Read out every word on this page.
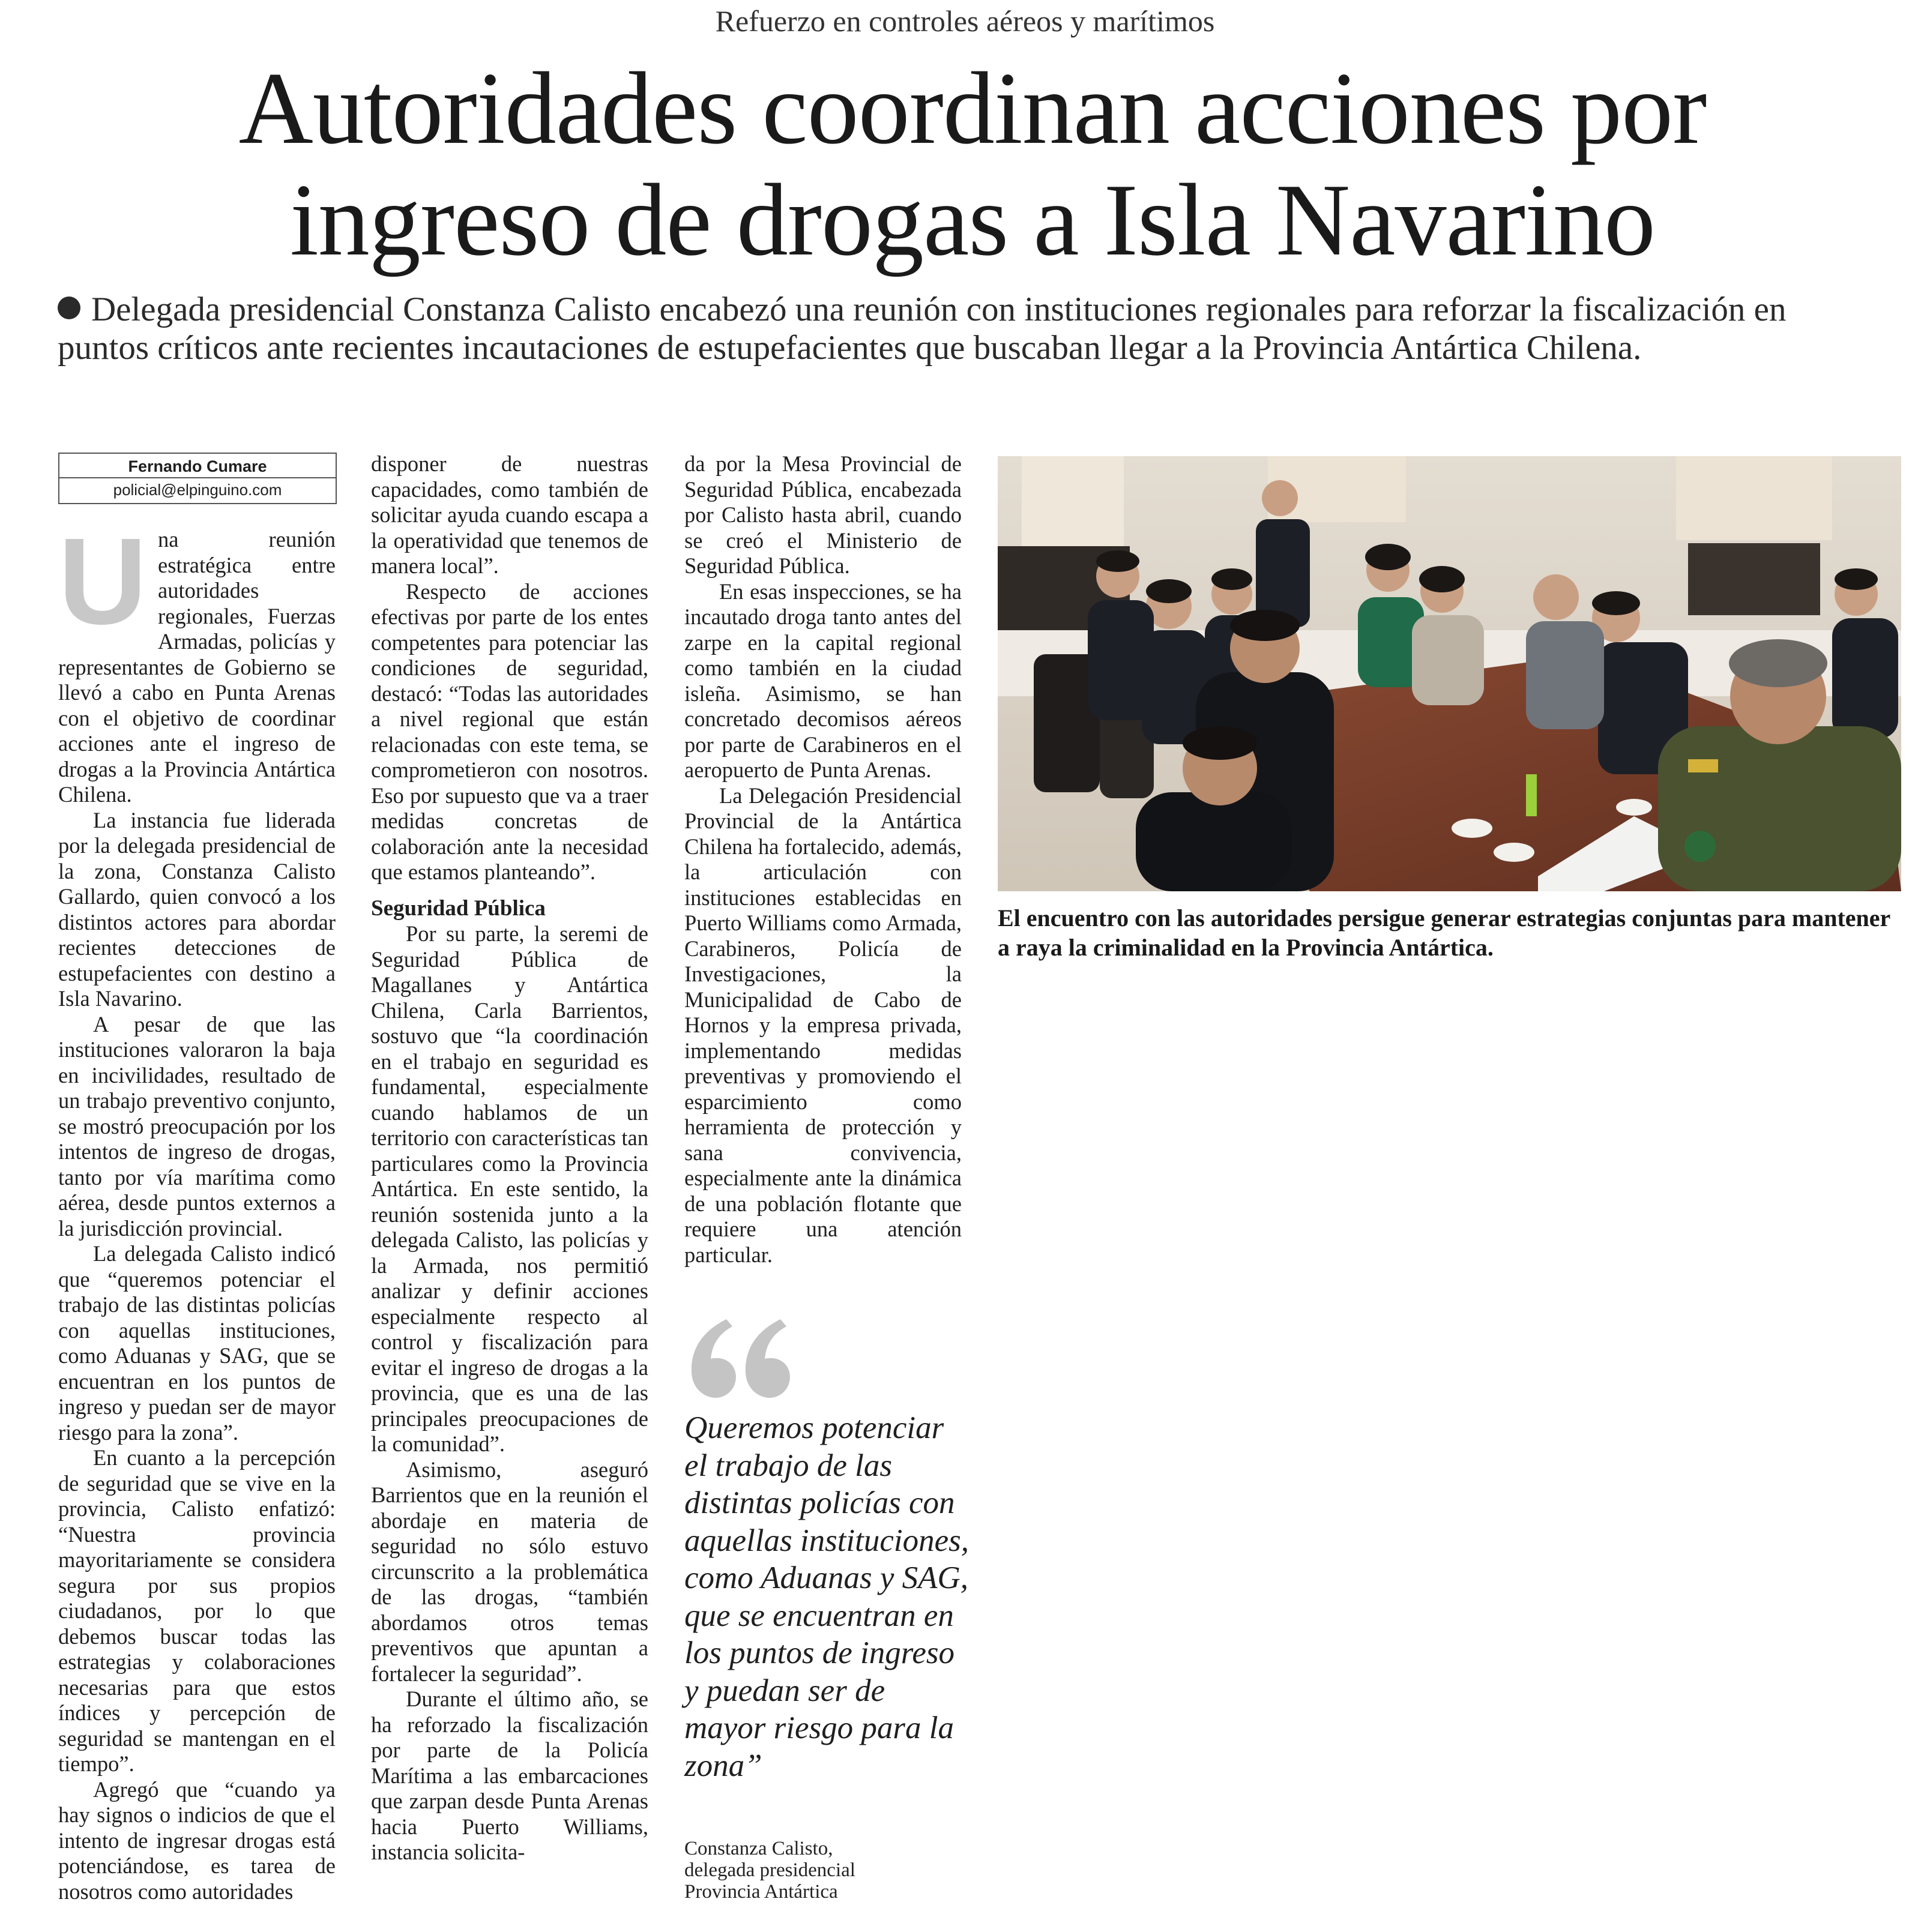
Refuerzo en controles aéreos y marítimos
Autoridades coordinan acciones por
ingreso de drogas a Isla Navarino
Delegada presidencial Constanza Calisto encabezó una reunión con instituciones regionales para reforzar la fiscalización en puntos críticos ante recientes incautaciones de estupefacientes que buscaban llegar a la Provincia Antártica Chilena.
Fernando Cumare
policial@elpinguino.com
U na reunión estratégica entre autoridades regionales, Fuerzas Armadas, policías y representantes de Gobierno se llevó a cabo en Punta Arenas con el objetivo de coordinar acciones ante el ingreso de drogas a la Provincia Antártica Chilena.

La instancia fue liderada por la delegada presidencial de la zona, Constanza Calisto Gallardo, quien convocó a los distintos actores para abordar recientes detecciones de estupefacientes con destino a Isla Navarino.

A pesar de que las instituciones valoraron la baja en incivilidades, resultado de un trabajo preventivo conjunto, se mostró preocupación por los intentos de ingreso de drogas, tanto por vía marítima como aérea, desde puntos externos a la jurisdicción provincial.

La delegada Calisto indicó que “queremos potenciar el trabajo de las distintas policías con aquellas instituciones, como Aduanas y SAG, que se encuentran en los puntos de ingreso y puedan ser de mayor riesgo para la zona”.

En cuanto a la percepción de seguridad que se vive en la provincia, Calisto enfatizó: “Nuestra provincia mayoritariamente se considera segura por sus propios ciudadanos, por lo que debemos buscar todas las estrategias y colaboraciones necesarias para que estos índices y percepción de seguridad se mantengan en el tiempo”.

Agregó que “cuando ya hay signos o indicios de que el intento de ingresar drogas está potenciándose, es tarea de nosotros como autoridades

disponer de nuestras capacidades, como también de solicitar ayuda cuando escapa a la operatividad que tenemos de manera local”.

Respecto de acciones efectivas por parte de los entes competentes para potenciar las condiciones de seguridad, destacó: “Todas las autoridades a nivel regional que están relacionadas con este tema, se comprometieron con nosotros. Eso por supuesto que va a traer medidas concretas de colaboración ante la necesidad que estamos planteando”.

Seguridad Pública

Por su parte, la seremi de Seguridad Pública de Magallanes y Antártica Chilena, Carla Barrientos, sostuvo que “la coordinación en el trabajo en seguridad es fundamental, especialmente cuando hablamos de un territorio con características tan particulares como la Provincia Antártica. En este sentido, la reunión sostenida junto a la delegada Calisto, las policías y la Armada, nos permitió analizar y definir acciones especialmente respecto al control y fiscalización para evitar el ingreso de drogas a la provincia, que es una de las principales preocupaciones de la comunidad”.

Asimismo, aseguró Barrientos que en la reunión el abordaje en materia de seguridad no sólo estuvo circunscrito a la problemática de las drogas, “también abordamos otros temas preventivos que apuntan a fortalecer la seguridad”.

Durante el último año, se ha reforzado la fiscalización por parte de la Policía Marítima a las embarcaciones que zarpan desde Punta Arenas hacia Puerto Williams, instancia solicita-

da por la Mesa Provincial de Seguridad Pública, encabezada por Calisto hasta abril, cuando se creó el Ministerio de Seguridad Pública.

En esas inspecciones, se ha incautado droga tanto antes del zarpe en la capital regional como también en la ciudad isleña. Asimismo, se han concretado decomisos aéreos por parte de Carabineros en el aeropuerto de Punta Arenas.

La Delegación Presidencial Provincial de la Antártica Chilena ha fortalecido, además, la articulación con instituciones establecidas en Puerto Williams como Armada, Carabineros, Policía de Investigaciones, la Municipalidad de Cabo de Hornos y la empresa privada, implementando medidas preventivas y promoviendo el esparcimiento como herramienta de protección y sana convivencia, especialmente ante la dinámica de una población flotante que requiere una atención particular.

El encuentro con las autoridades persigue generar estrategias conjuntas para mantener a raya la criminalidad en la Provincia Antártica.
Queremos potenciar el trabajo de las distintas policías con aquellas instituciones, como Aduanas y SAG, que se encuentran en los puntos de ingreso y puedan ser de mayor riesgo para la zona”
Constanza Calisto,
delegada presidencial
Provincia Antártica
